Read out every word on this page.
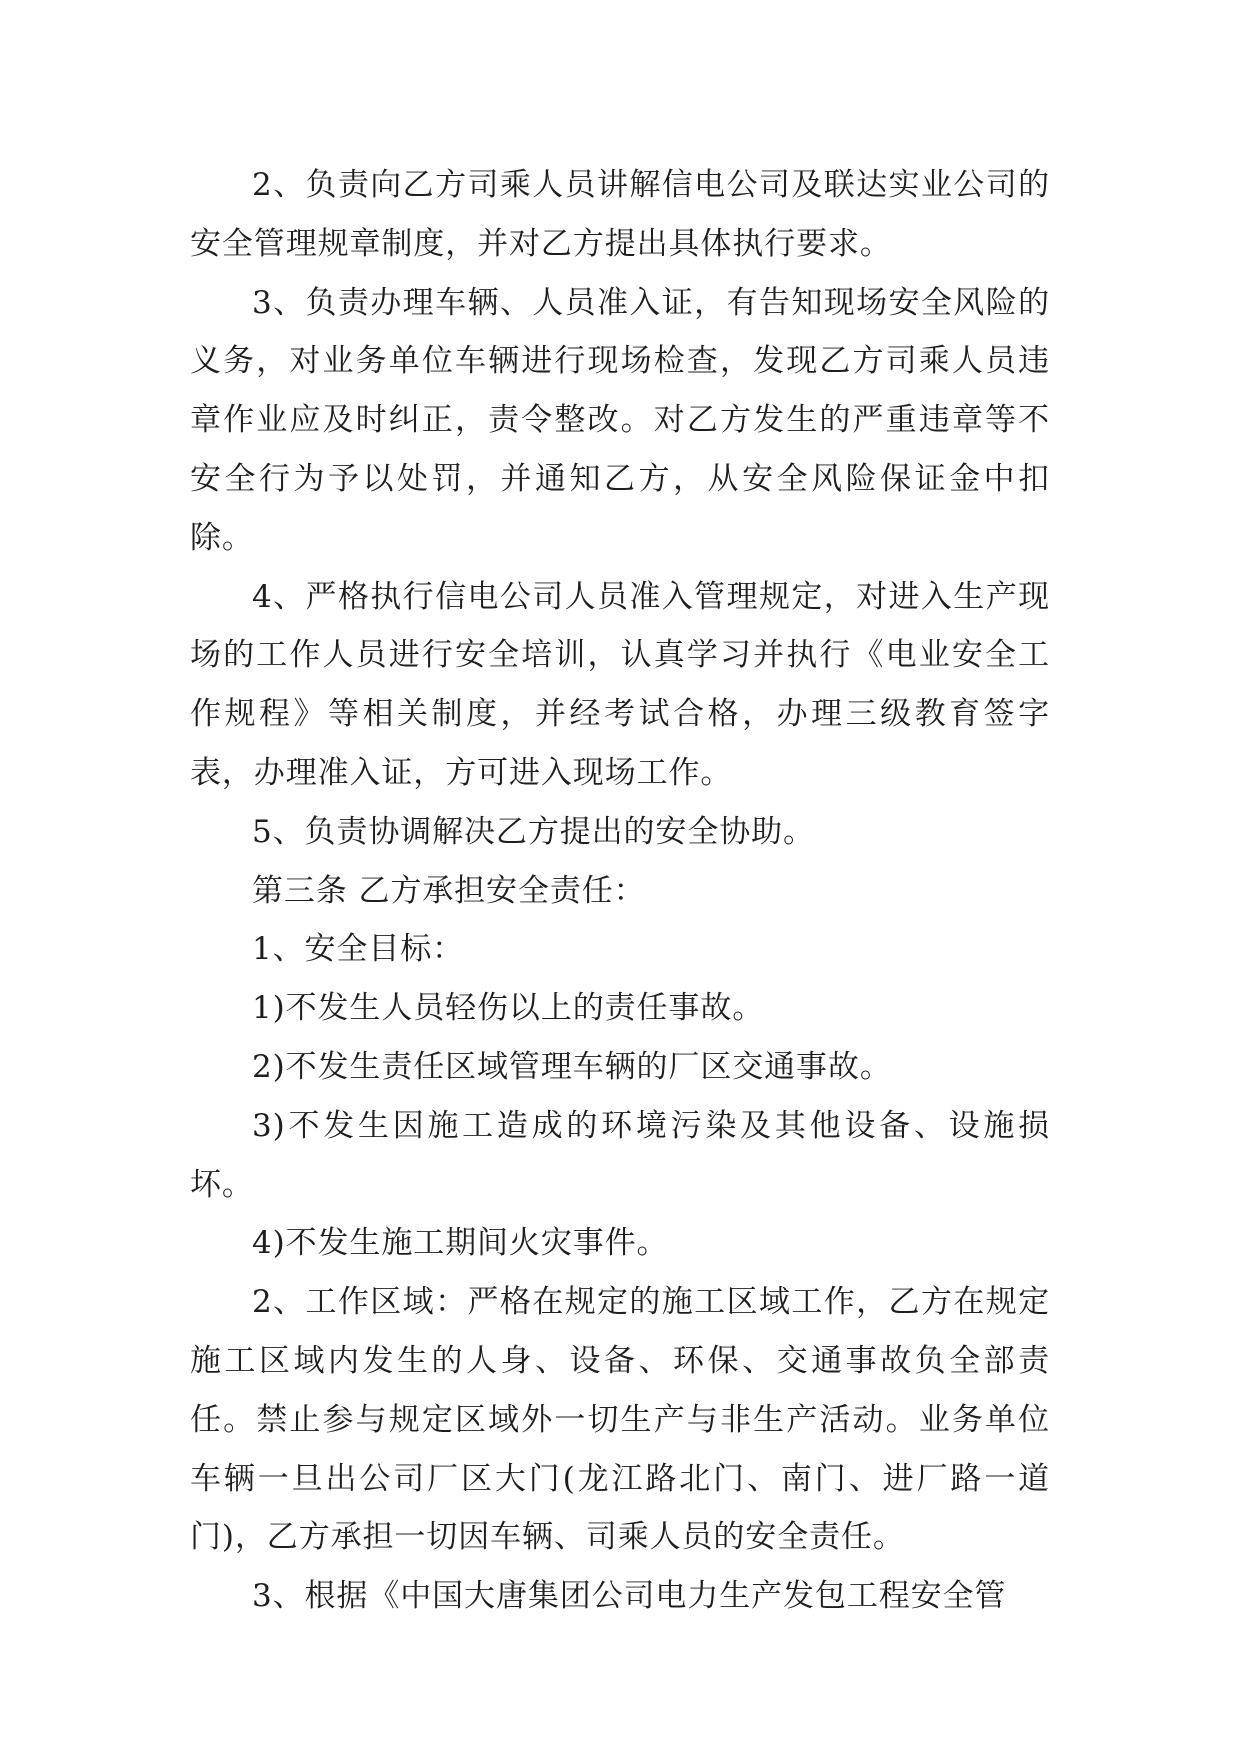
2、负责向乙方司乘人员讲解信电公司及联达实业公司的安全管理规章制度，并对乙方提出具体执行要求。

3、负责办理车辆、人员准入证，有告知现场安全风险的义务，对业务单位车辆进行现场检查，发现乙方司乘人员违章作业应及时纠正，责令整改。对乙方发生的严重违章等不安全行为予以处罚，并通知乙方，从安全风险保证金中扣除。

4、严格执行信电公司人员准入管理规定，对进入生产现场的工作人员进行安全培训，认真学习并执行《电业安全工作规程》等相关制度，并经考试合格，办理三级教育签字表，办理准入证，方可进入现场工作。

5、负责协调解决乙方提出的安全协助。

第三条 乙方承担安全责任：

1、安全目标：

1)不发生人员轻伤以上的责任事故。

2)不发生责任区域管理车辆的厂区交通事故。

3)不发生因施工造成的环境污染及其他设备、设施损坏。

4)不发生施工期间火灾事件。

2、工作区域：严格在规定的施工区域工作，乙方在规定施工区域内发生的人身、设备、环保、交通事故负全部责任。禁止参与规定区域外一切生产与非生产活动。业务单位车辆一旦出公司厂区大门(龙江路北门、南门、进厂路一道门)，乙方承担一切因车辆、司乘人员的安全责任。

3、根据《中国大唐集团公司电力生产发包工程安全管
